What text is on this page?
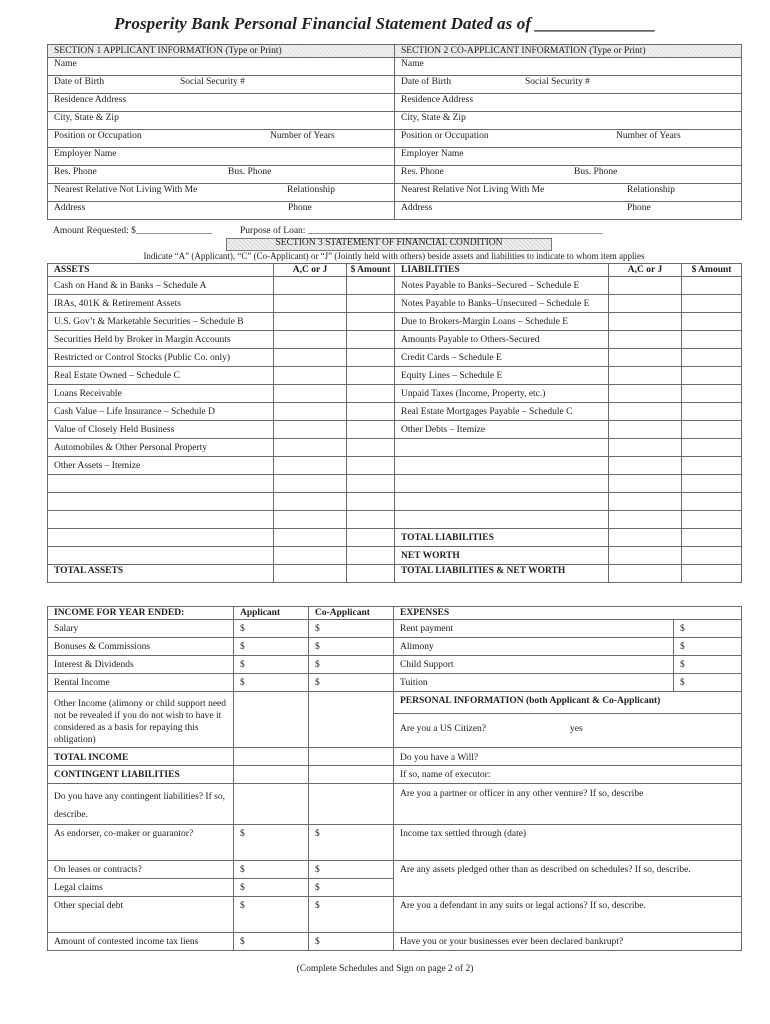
Prosperity Bank Personal Financial Statement Dated as of ______________
SECTION 1 APPLICANT INFORMATION (Type or Print)	SECTION 2 CO-APPLICANT INFORMATION (Type or Print)
Name	Name

Date of Birth Social Security #	Date of Birth Social Security #

Residence Address	Residence Address
City, State & Zip	City, State & Zip

Position or Occupation Number of Years	Position or Occupation Number of Years

Employer Name	Employer Name

Res. Phone Bus. Phone	Res. Phone Bus. Phone

Nearest Relative Not Living With Me Relationship	Nearest Relative Not Living With Me Relationship

Address Phone	Address Phone
Amount Requested: $________________	Purpose of Loan: ______________________________________________________________
SECTION 3 STATEMENT OF FINANCIAL CONDITION
Indicate “A” (Applicant), “C” (Co-Applicant) or “J” (Jointly held with others) beside assets and liabilities to indicate to whom item applies
ASSETS	A,C or J	$ Amount	LIABILITIES	A,C or J	$ Amount
Cash on Hand & in Banks – Schedule A			Notes Payable to Banks–Secured – Schedule E		
IRAs, 401K & Retirement Assets			Notes Payable to Banks–Unsecured – Schedule E		
U.S. Gov’t & Marketable Securities – Schedule B			Due to Brokers-Margin Loans – Schedule E		
Securities Held by Broker in Margin Accounts			Amounts Payable to Others-Secured		
Restricted or Control Stocks (Public Co. only)			Credit Cards – Schedule E		
Real Estate Owned – Schedule C			Equity Lines – Schedule E		
Loans Receivable			Unpaid Taxes (Income, Property, etc.)		
Cash Value – Life Insurance – Schedule D			Real Estate Mortgages Payable – Schedule C		
Value of Closely Held Business			Other Debts – Itemize		
Automobiles & Other Personal Property					
Other Assets – Itemize					

			TOTAL LIABILITIES		
			NET WORTH		
TOTAL ASSETS			TOTAL LIABILITIES & NET WORTH		
INCOME FOR YEAR ENDED:	Applicant	Co-Applicant	EXPENSES	
Salary	$	$	Rent payment	$
Bonuses & Commissions	$	$	Alimony	$
Interest & Dividends	$	$	Child Support	$
Rental Income	$	$	Tuition	$
Other Income (alimony or child support need not be revealed if you do not wish to have it considered as a basis for repaying this obligation)			PERSONAL INFORMATION (both Applicant & Co-Applicant)
Are you a US Citizen? yes	

TOTAL INCOME			Do you have a Will?	
CONTINGENT LIABILITIES			If so, name of executor:	

Do you have any contingent liabilities? If so,
describe.			Are you a partner or officer in any other venture? If so, describe	
As endorser, co-maker or guarantor?	$	$	Income tax settled through (date)	
On leases or contracts?	$	$	Are any assets pledged other than as described on schedules? If so, describe.	
Legal claims	$	$		
Other special debt	$	$	Are you a defendant in any suits or legal actions? If so, describe.	
Amount of contested income tax liens	$	$	Have you or your businesses ever been declared bankrupt?	
(Complete Schedules and Sign on page 2 of 2)
